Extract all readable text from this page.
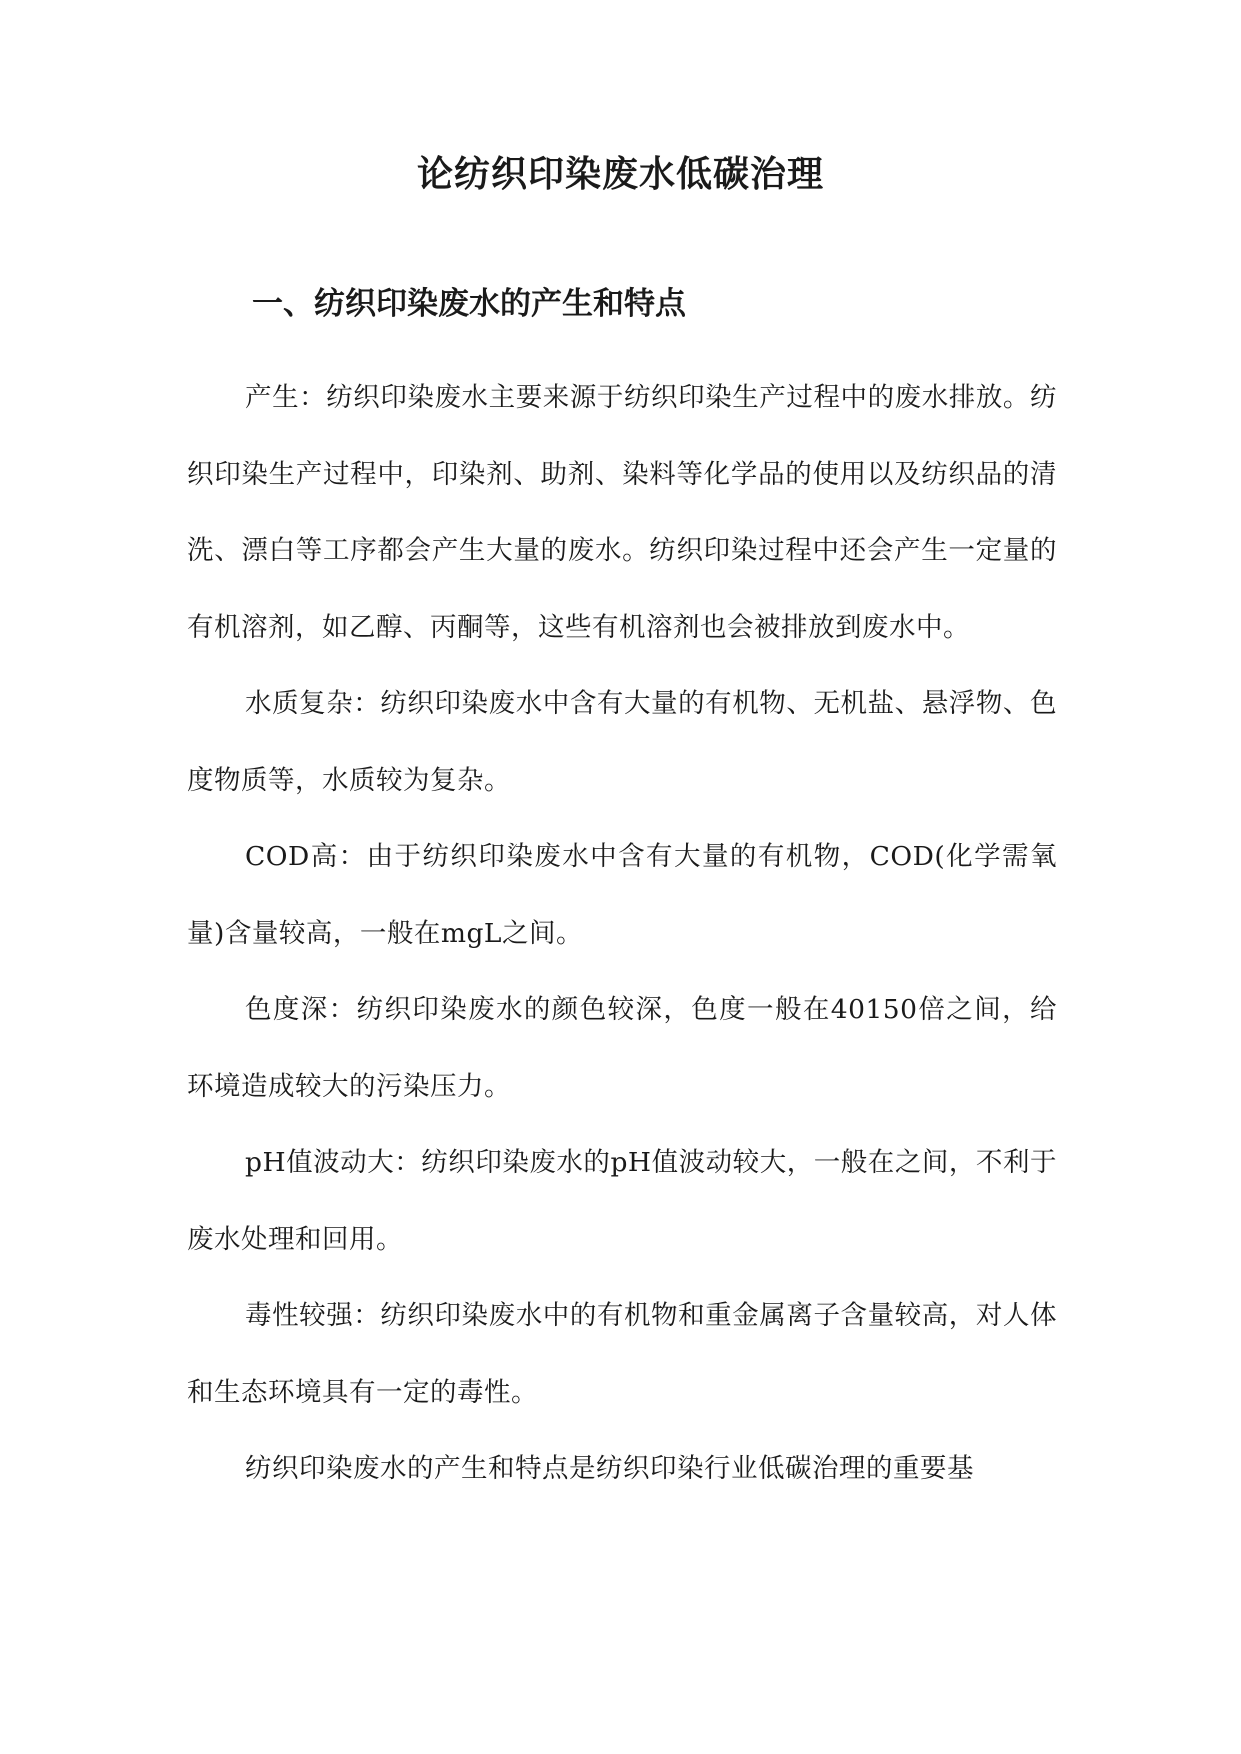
论纺织印染废水低碳治理
一、纺织印染废水的产生和特点

产生：纺织印染废水主要来源于纺织印染生产过程中的废水排放。纺织印染生产过程中，印染剂、助剂、染料等化学品的使用以及纺织品的清洗、漂白等工序都会产生大量的废水。纺织印染过程中还会产生一定量的有机溶剂，如乙醇、丙酮等，这些有机溶剂也会被排放到废水中。

水质复杂：纺织印染废水中含有大量的有机物、无机盐、悬浮物、色度物质等，水质较为复杂。

COD高：由于纺织印染废水中含有大量的有机物，COD(化学需氧量)含量较高，一般在mgL之间。

色度深：纺织印染废水的颜色较深，色度一般在40150倍之间，给环境造成较大的污染压力。

pH值波动大：纺织印染废水的pH值波动较大，一般在之间，不利于废水处理和回用。

毒性较强：纺织印染废水中的有机物和重金属离子含量较高，对人体和生态环境具有一定的毒性。

纺织印染废水的产生和特点是纺织印染行业低碳治理的重要基
